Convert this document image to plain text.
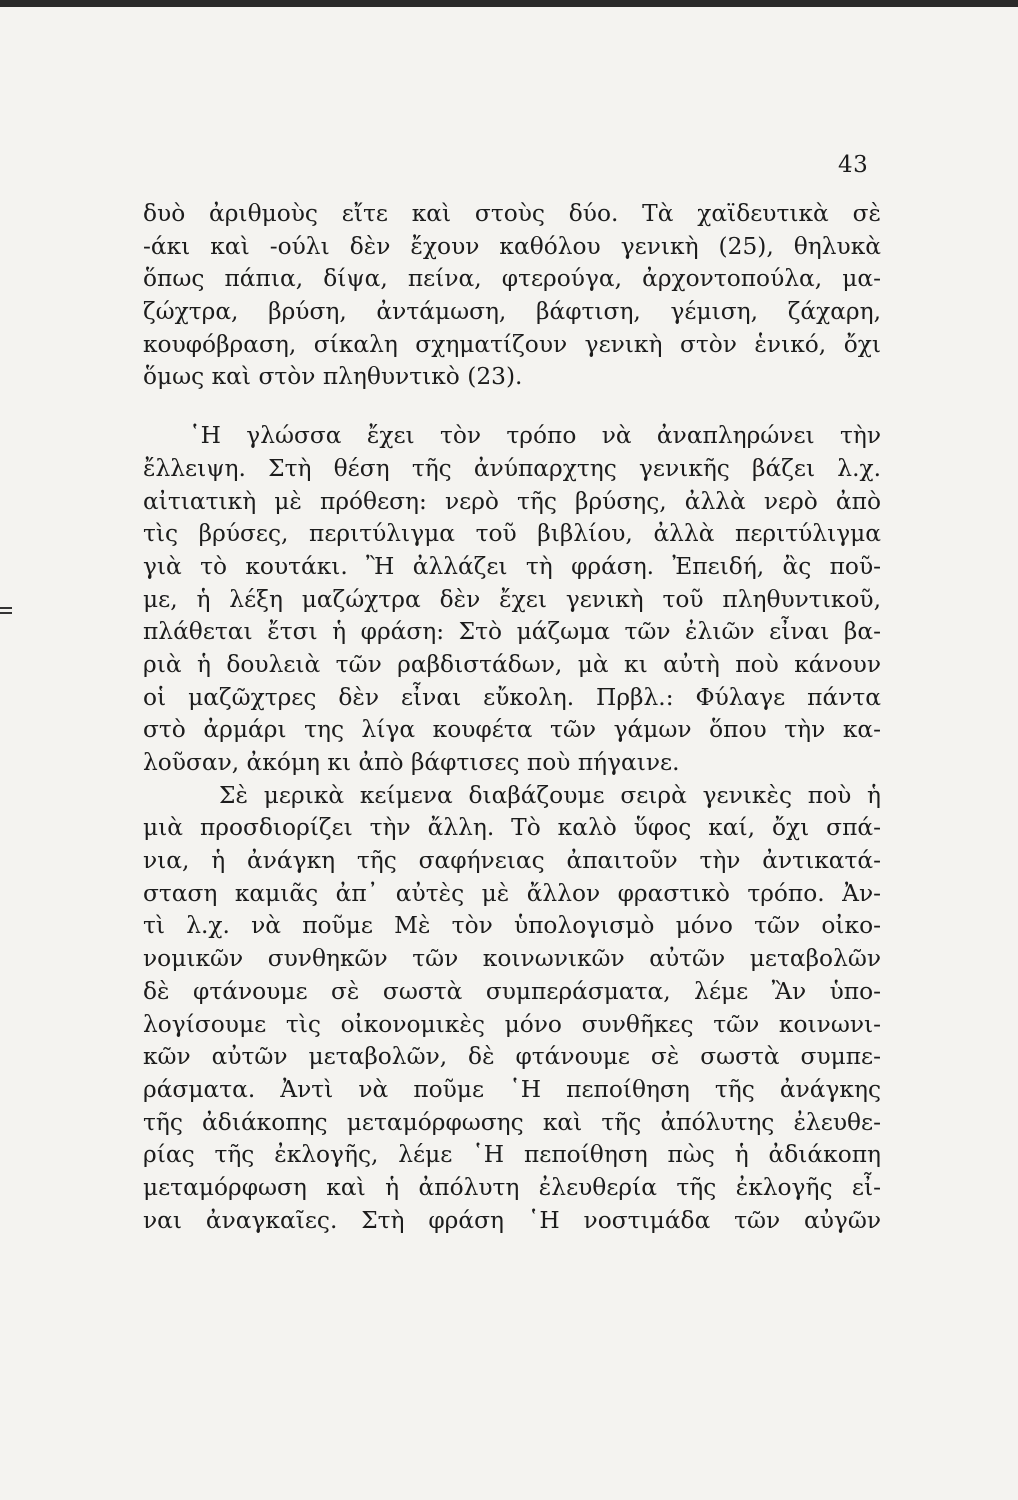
43
δυὸ ἀριθμοὺς εἴτε καὶ στοὺς δύο. Τὰ χαϊδευτικὰ σὲ
-άκι καὶ -ούλι δὲν ἔχουν καθόλου γενικὴ (25), θηλυκὰ
ὅπως πάπια, δίψα, πείνα, φτερούγα, ἀρχοντοπούλα, μα-
ζώχτρα, βρύση, ἀντάμωση, βάφτιση, γέμιση, ζάχαρη,
κουφόβραση, σίκαλη σχηματίζουν γενικὴ στὸν ἑνικό, ὄχι
ὅμως καὶ στὸν πληθυντικὸ (23).
῾Η γλώσσα ἔχει τὸν τρόπο νὰ ἀναπληρώνει τὴν
ἔλλειψη. Στὴ θέση τῆς ἀνύπαρχτης γενικῆς βάζει λ.χ.
αἰτιατικὴ μὲ πρόθεση: νερὸ τῆς βρύσης, ἀλλὰ νερὸ ἀπὸ
τὶς βρύσες, περιτύλιγμα τοῦ βιβλίου, ἀλλὰ περιτύλιγμα
γιὰ τὸ κουτάκι. Ἢ ἀλλάζει τὴ φράση. Ἐπειδή, ἂς ποῦ-
με, ἡ λέξη μαζώχτρα δὲν ἔχει γενικὴ τοῦ πληθυντικοῦ,
πλάθεται ἔτσι ἡ φράση: Στὸ μάζωμα τῶν ἐλιῶν εἶναι βα-
ριὰ ἡ δουλειὰ τῶν ραβδιστάδων, μὰ κι αὐτὴ ποὺ κάνουν
οἱ μαζῶχτρες δὲν εἶναι εὔκολη. Πρβλ.: Φύλαγε πάντα
στὸ ἀρμάρι της λίγα κουφέτα τῶν γάμων ὅπου τὴν κα-
λοῦσαν, ἀκόμη κι ἀπὸ βάφτισες ποὺ πήγαινε.
Σὲ μερικὰ κείμενα διαβάζουμε σειρὰ γενικὲς ποὺ ἡ
μιὰ προσδιορίζει τὴν ἄλλη. Τὸ καλὸ ὕφος καί, ὄχι σπά-
νια, ἡ ἀνάγκη τῆς σαφήνειας ἀπαιτοῦν τὴν ἀντικατά-
σταση καμιᾶς ἀπ᾽ αὐτὲς μὲ ἄλλον φραστικὸ τρόπο. Ἀν-
τὶ λ.χ. νὰ ποῦμε Μὲ τὸν ὑπολογισμὸ μόνο τῶν οἰκο-
νομικῶν συνθηκῶν τῶν κοινωνικῶν αὐτῶν μεταβολῶν
δὲ φτάνουμε σὲ σωστὰ συμπεράσματα, λέμε Ἂν ὑπο-
λογίσουμε τὶς οἰκονομικὲς μόνο συνθῆκες τῶν κοινωνι-
κῶν αὐτῶν μεταβολῶν, δὲ φτάνουμε σὲ σωστὰ συμπε-
ράσματα. Ἀντὶ νὰ ποῦμε ῾Η πεποίθηση τῆς ἀνάγκης
τῆς ἀδιάκοπης μεταμόρφωσης καὶ τῆς ἀπόλυτης ἐλευθε-
ρίας τῆς ἐκλογῆς, λέμε ῾Η πεποίθηση πὼς ἡ ἀδιάκοπη
μεταμόρφωση καὶ ἡ ἀπόλυτη ἐλευθερία τῆς ἐκλογῆς εἶ-
ναι ἀναγκαῖες. Στὴ φράση ῾Η νοστιμάδα τῶν αὐγῶν
